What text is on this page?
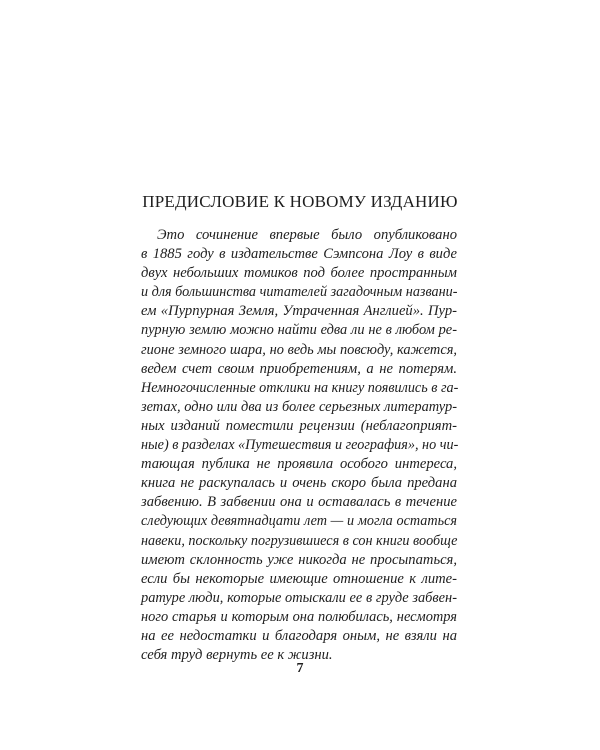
ПРЕДИСЛОВИЕ К НОВОМУ ИЗДАНИЮ
Это сочинение впервые было опубликовано
в 1885 году в издательстве Сэмпсона Лоу в виде
двух небольших томиков под более пространным
и для большинства читателей загадочным названи-
ем «Пурпурная Земля, Утраченная Англией». Пур-
пурную землю можно найти едва ли не в любом ре-
гионе земного шара, но ведь мы повсюду, кажется,
ведем счет своим приобретениям, а не потерям.
Немногочисленные отклики на книгу появились в га-
зетах, одно или два из более серьезных литератур-
ных изданий поместили рецензии (неблагоприят-
ные) в разделах «Путешествия и география», но чи-
тающая публика не проявила особого интереса,
книга не раскупалась и очень скоро была предана
забвению. В забвении она и оставалась в течение
следующих девятнадцати лет — и могла остаться
навеки, поскольку погрузившиеся в сон книги вообще
имеют склонность уже никогда не просыпаться,
если бы некоторые имеющие отношение к лите-
ратуре люди, которые отыскали ее в груде забвен-
ного старья и которым она полюбилась, несмотря
на ее недостатки и благодаря оным, не взяли на
себя труд вернуть ее к жизни.
7
